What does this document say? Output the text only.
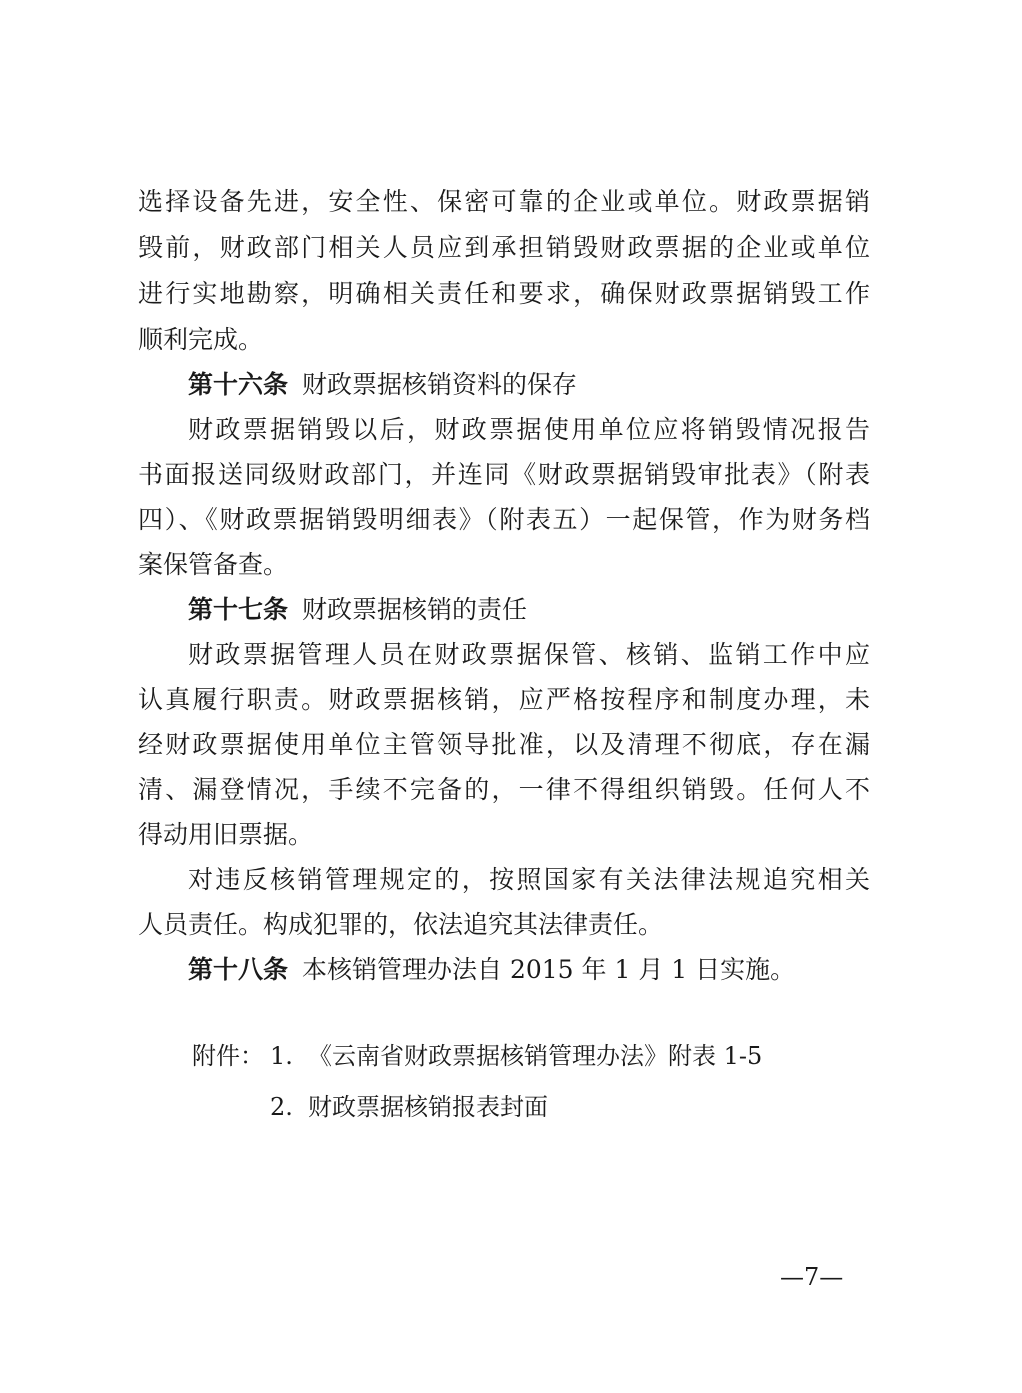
选择设备先进，安全性、保密可靠的企业或单位。财政票据销
毁前，财政部门相关人员应到承担销毁财政票据的企业或单位
进行实地勘察，明确相关责任和要求，确保财政票据销毁工作
顺利完成。
第十六条 财政票据核销资料的保存
财政票据销毁以后，财政票据使用单位应将销毁情况报告
书面报送同级财政部门，并连同《财政票据销毁审批表》（附表
四）、《财政票据销毁明细表》（附表五）一起保管，作为财务档
案保管备查。
第十七条 财政票据核销的责任
财政票据管理人员在财政票据保管、核销、监销工作中应
认真履行职责。财政票据核销，应严格按程序和制度办理，未
经财政票据使用单位主管领导批准，以及清理不彻底，存在漏
清、漏登情况，手续不完备的，一律不得组织销毁。任何人不
得动用旧票据。
对违反核销管理规定的，按照国家有关法律法规追究相关
人员责任。构成犯罪的，依法追究其法律责任。
第十八条 本核销管理办法自 2015 年 1 月 1 日实施。
附件： 1. 《云南省财政票据核销管理办法》附表 1-5
2. 财政票据核销报表封面
—7—
